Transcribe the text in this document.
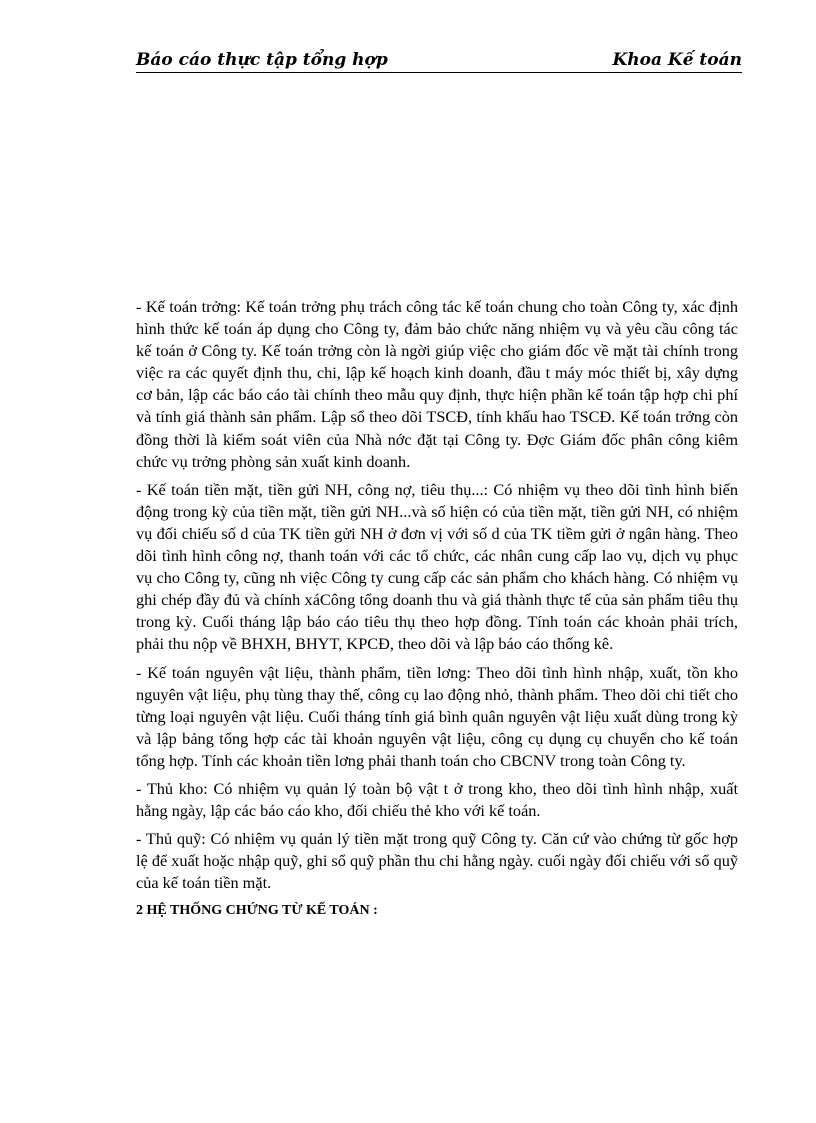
Báo cáo thực tập tổng hợp	Khoa Kế toán

- Kế toán trởng: Kế toán trởng phụ trách công tác kế toán chung cho toàn Công ty, xác định hình thức kế toán áp dụng cho Công ty, đảm bảo chức năng nhiệm vụ và yêu cầu công tác kế toán ở Công ty. Kế toán trởng còn là ngời giúp việc cho giám đốc về mặt tài chính trong việc ra các quyết định thu, chi, lập kế hoạch kinh doanh, đầu t máy móc thiết bị, xây dựng cơ bản, lập các báo cáo tài chính theo mẫu quy định, thực hiện phần kế toán tập hợp chi phí và tính giá thành sản phẩm. Lập sổ theo dõi TSCĐ, tính khấu hao TSCĐ. Kế toán trởng còn đồng thời là kiểm soát viên của Nhà nớc đặt tại Công ty. Đợc Giám đốc phân công kiêm chức vụ trởng phòng sản xuất kinh doanh.

- Kế toán tiền mặt, tiền gửi NH, công nợ, tiêu thụ...: Có nhiệm vụ theo dõi tình hình biến động trong kỳ của tiền mặt, tiền gửi NH...và số hiện có của tiền mặt, tiền gửi NH, có nhiệm vụ đối chiếu số d của TK tiền gửi NH ở đơn vị với số d của TK tiềm gửi ở ngân hàng. Theo dõi tình hình công nợ, thanh toán với các tổ chức, các nhân cung cấp lao vụ, dịch vụ phục vụ cho Công ty, cũng nh việc Công ty cung cấp các sản phẩm cho khách hàng. Có nhiệm vụ ghi chép đầy đủ và chính xáCông tổng doanh thu và giá thành thực tế của sản phẩm tiêu thụ trong kỳ. Cuối tháng lập báo cáo tiêu thụ theo hợp đồng. Tính toán các khoản phải trích, phải thu nộp về BHXH, BHYT, KPCĐ, theo dõi và lập báo cáo thống kê.

- Kế toán nguyên vật liệu, thành phẩm, tiền lơng: Theo dõi tình hình nhập, xuất, tồn kho nguyên vật liệu, phụ tùng thay thế, công cụ lao động nhỏ, thành phẩm. Theo dõi chi tiết cho từng loại nguyên vật liệu. Cuối tháng tính giá bình quân nguyên vật liệu xuất dùng trong kỳ và lập bảng tổng hợp các tài khoản nguyên vật liệu, công cụ dụng cụ chuyển cho kế toán tổng hợp. Tính các khoản tiền lơng phải thanh toán cho CBCNV trong toàn Công ty.

- Thủ kho: Có nhiệm vụ quản lý toàn bộ vật t ở trong kho, theo dõi tình hình nhập, xuất hằng ngày, lập các báo cáo kho, đối chiếu thẻ kho với kế toán.

- Thủ quỹ: Có nhiệm vụ quản lý tiền mặt trong quỹ Công ty. Căn cứ vào chứng từ gốc hợp lệ để xuất hoặc nhập quỹ, ghi sổ quỹ phần thu chi hằng ngày. cuối ngày đối chiếu với sổ quỹ của kế toán tiền mặt.

2 HỆ THỐNG CHỨNG TỪ KẾ TOÁN :
